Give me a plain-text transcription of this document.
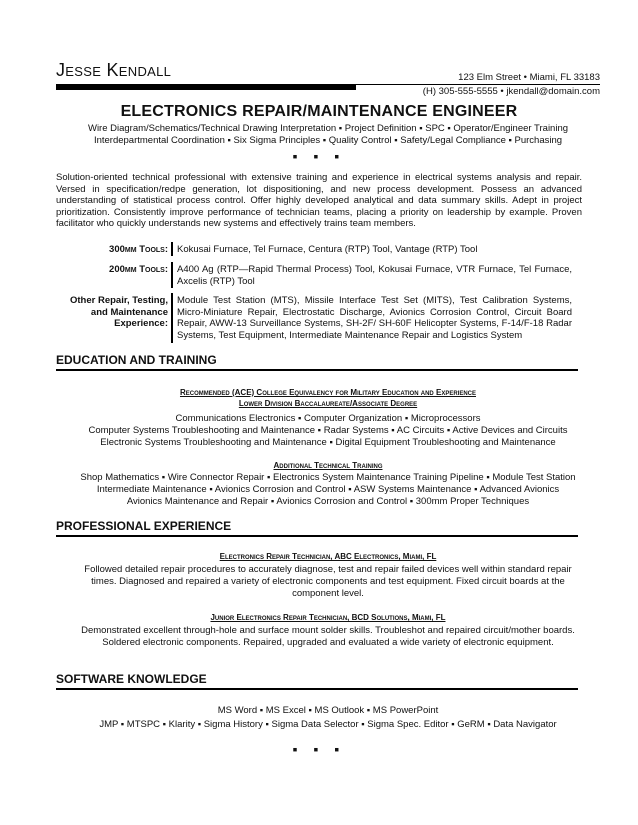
Jesse Kendall	123 Elm Street • Miami, FL 33183
(H) 305-555-5555 • jkendall@domain.com
ELECTRONICS REPAIR/MAINTENANCE ENGINEER
Wire Diagram/Schematics/Technical Drawing Interpretation ▪ Project Definition ▪ SPC ▪ Operator/Engineer Training
Interdepartmental Coordination ▪ Six Sigma Principles ▪ Quality Control ▪ Safety/Legal Compliance ▪ Purchasing
▪ ▪ ▪
Solution-oriented technical professional with extensive training and experience in electrical systems analysis and repair. Versed in specification/redpe generation, lot dispositioning, and new process development. Possess an advanced understanding of statistical process control. Offer highly developed analytical and data summary skills. Adept in project prioritization. Consistently improve performance of technician teams, placing a priority on leadership by example. Proven facilitator who quickly understands new systems and effectively trains team members.
300mm Tools: Kokusai Furnace, Tel Furnace, Centura (RTP) Tool, Vantage (RTP) Tool
200mm Tools: A400 Ag (RTP—Rapid Thermal Process) Tool, Kokusai Furnace, VTR Furnace, Tel Furnace, Axcelis (RTP) Tool
Other Repair, Testing, and Maintenance Experience:
Module Test Station (MTS), Missile Interface Test Set (MITS), Test Calibration Systems, Micro-Miniature Repair, Electrostatic Discharge, Avionics Corrosion Control, Circuit Board Repair, AWW-13 Surveillance Systems, SH-2F/ SH-60F Helicopter Systems, F-14/F-18 Radar Systems, Test Equipment, Intermediate Maintenance Repair and Logistics System
EDUCATION AND TRAINING
Recommended (ACE) College Equivalency for Military Education and Experience
Lower Division Baccalaureate/Associate Degree
Communications Electronics ▪ Computer Organization ▪ Microprocessors
Computer Systems Troubleshooting and Maintenance ▪ Radar Systems ▪ AC Circuits ▪ Active Devices and Circuits
Electronic Systems Troubleshooting and Maintenance ▪ Digital Equipment Troubleshooting and Maintenance
Additional Technical Training
Shop Mathematics ▪ Wire Connector Repair ▪ Electronics System Maintenance Training Pipeline ▪ Module Test Station
Intermediate Maintenance ▪ Avionics Corrosion and Control ▪ ASW Systems Maintenance ▪ Advanced Avionics
Avionics Maintenance and Repair ▪ Avionics Corrosion and Control ▪ 300mm Proper Techniques
PROFESSIONAL EXPERIENCE
Electronics Repair Technician, ABC Electronics, Miami, FL
Followed detailed repair procedures to accurately diagnose, test and repair failed devices well within standard repair
times. Diagnosed and repaired a variety of electronic components and test equipment. Fixed circuit boards at the
component level.
Junior Electronics Repair Technician, BCD Solutions, Miami, FL
Demonstrated excellent through-hole and surface mount solder skills. Troubleshot and repaired circuit/mother boards.
Soldered electronic components. Repaired, upgraded and evaluated a wide variety of electronic equipment.
SOFTWARE KNOWLEDGE
MS Word ▪ MS Excel ▪ MS Outlook ▪ MS PowerPoint
JMP ▪ MTSPC ▪ Klarity ▪ Sigma History ▪ Sigma Data Selector ▪ Sigma Spec. Editor ▪ GeRM ▪ Data Navigator
▪ ▪ ▪
